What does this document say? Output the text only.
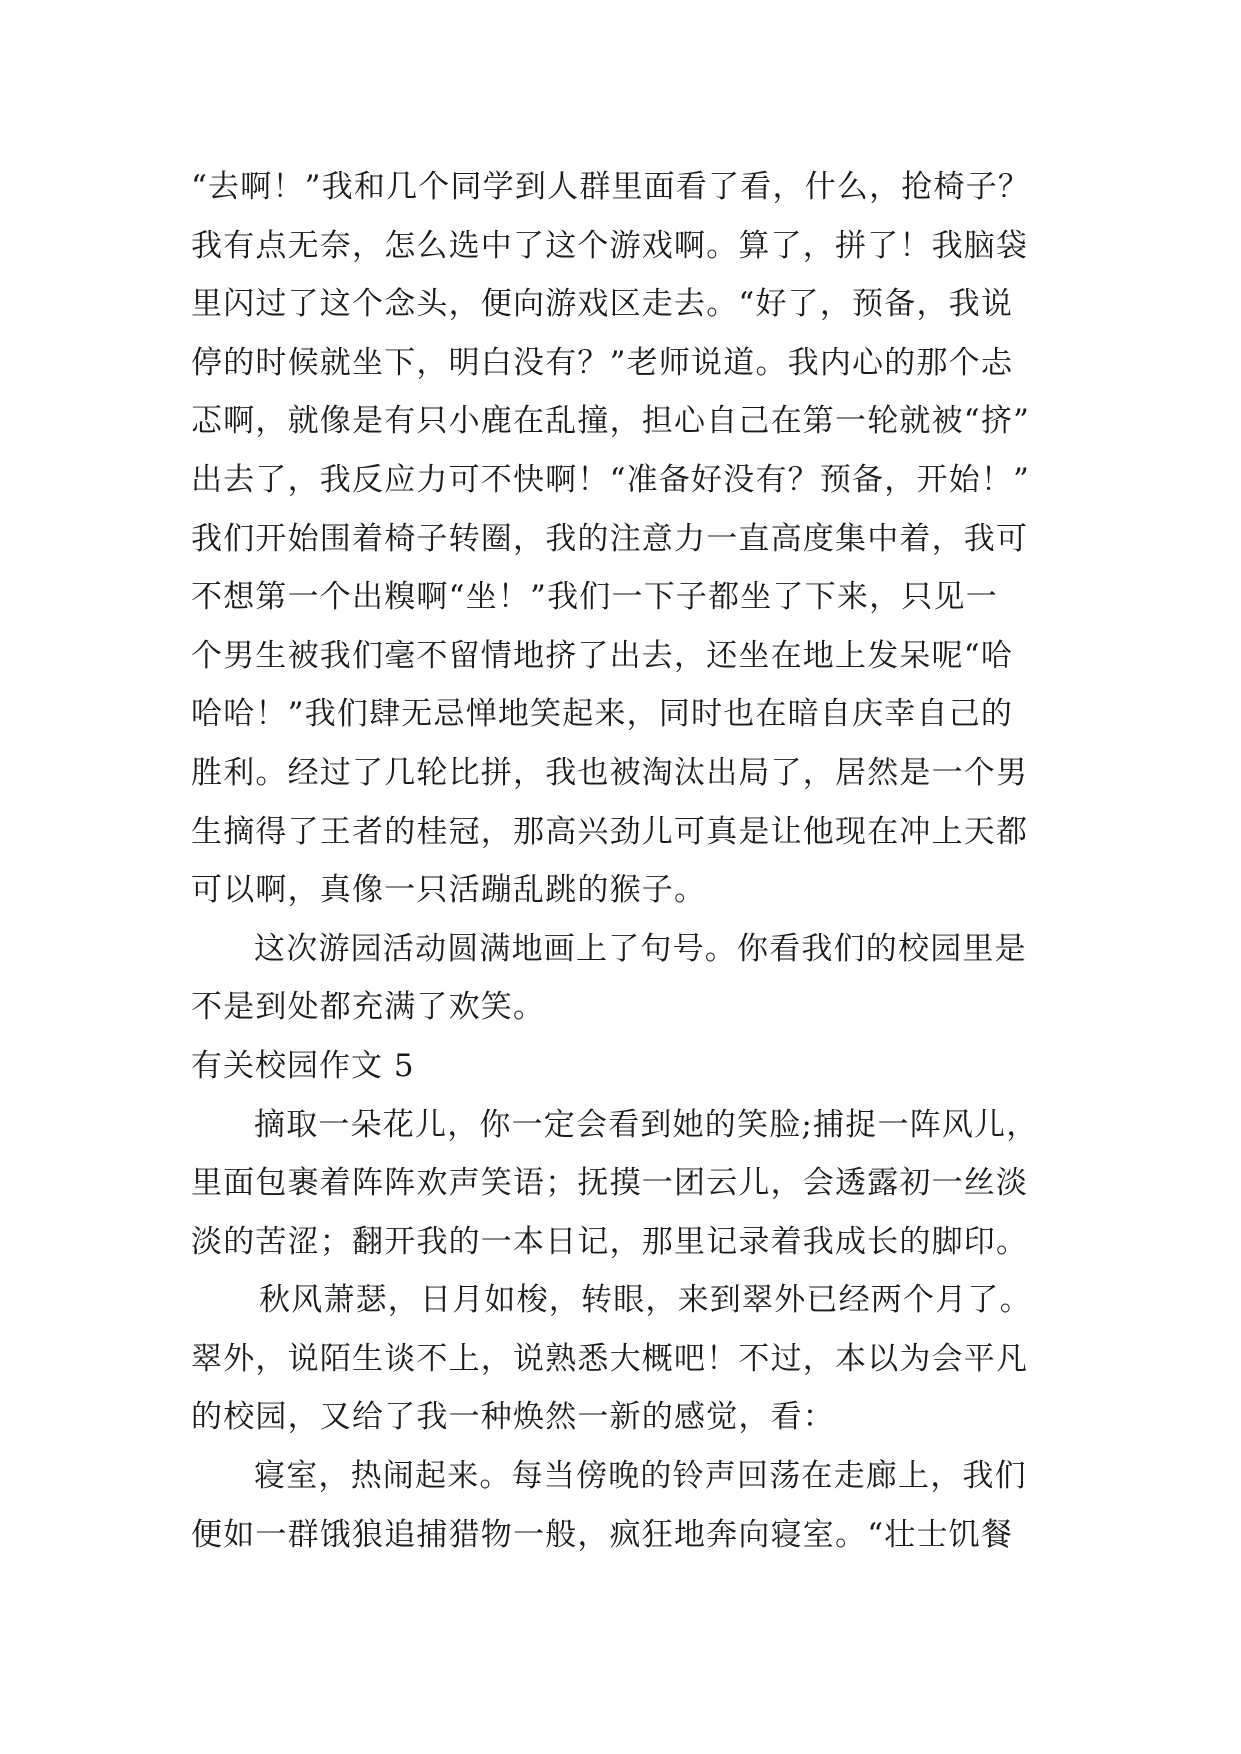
“去啊！”我和几个同学到人群里面看了看，什么，抢椅子？
我有点无奈，怎么选中了这个游戏啊。算了，拼了！我脑袋
里闪过了这个念头，便向游戏区走去。“好了，预备，我说
停的时候就坐下，明白没有？”老师说道。我内心的那个忐
忑啊，就像是有只小鹿在乱撞，担心自己在第一轮就被“挤”
出去了，我反应力可不快啊！“准备好没有？预备，开始！”
我们开始围着椅子转圈，我的注意力一直高度集中着，我可
不想第一个出糗啊“坐！”我们一下子都坐了下来，只见一
个男生被我们毫不留情地挤了出去，还坐在地上发呆呢“哈
哈哈！”我们肆无忌惮地笑起来，同时也在暗自庆幸自己的
胜利。经过了几轮比拼，我也被淘汰出局了，居然是一个男
生摘得了王者的桂冠，那高兴劲儿可真是让他现在冲上天都
可以啊，真像一只活蹦乱跳的猴子。
这次游园活动圆满地画上了句号。你看我们的校园里是
不是到处都充满了欢笑。
有关校园作文 5
摘取一朵花儿，你一定会看到她的笑脸;捕捉一阵风儿，
里面包裹着阵阵欢声笑语；抚摸一团云儿，会透露初一丝淡
淡的苦涩；翻开我的一本日记，那里记录着我成长的脚印。
秋风萧瑟，日月如梭，转眼，来到翠外已经两个月了。
翠外，说陌生谈不上，说熟悉大概吧！不过，本以为会平凡
的校园，又给了我一种焕然一新的感觉，看：
寝室，热闹起来。每当傍晚的铃声回荡在走廊上，我们
便如一群饿狼追捕猎物一般，疯狂地奔向寝室。“壮士饥餐
